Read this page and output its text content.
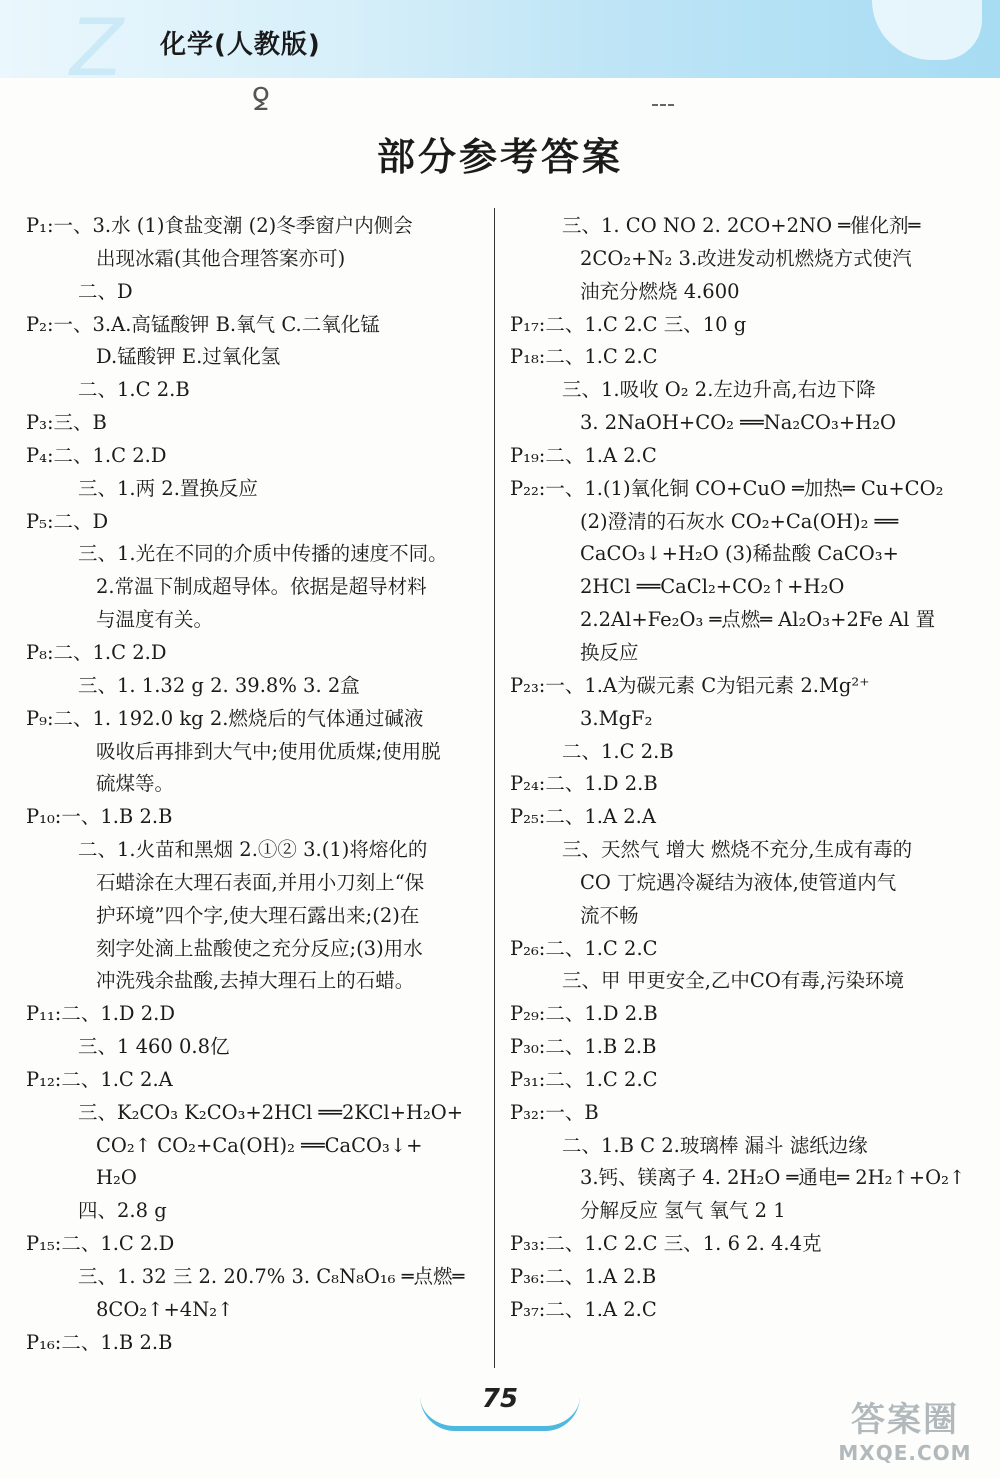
Z 化学(人教版)
ꝿ
部分参考答案
P₁:一、3.水 (1)食盐变潮 (2)冬季窗户内侧会
出现冰霜(其他合理答案亦可)
二、D
P₂:一、3.A.高锰酸钾 B.氧气 C.二氧化锰
D.锰酸钾 E.过氧化氢
二、1.C 2.B
P₃:三、B
P₄:二、1.C 2.D
三、1.两 2.置换反应
P₅:二、D
三、1.光在不同的介质中传播的速度不同。
2.常温下制成超导体。依据是超导材料
与温度有关。
P₈:二、1.C 2.D
三、1. 1.32 g 2. 39.8% 3. 2盒
P₉:二、1. 192.0 kg 2.燃烧后的气体通过碱液
吸收后再排到大气中;使用优质煤;使用脱
硫煤等。
P₁₀:一、1.B 2.B
二、1.火苗和黑烟 2.①② 3.(1)将熔化的
石蜡涂在大理石表面,并用小刀刻上“保
护环境”四个字,使大理石露出来;(2)在
刻字处滴上盐酸使之充分反应;(3)用水
冲洗残余盐酸,去掉大理石上的石蜡。
P₁₁:二、1.D 2.D
三、1 460 0.8亿
P₁₂:二、1.C 2.A
三、K₂CO₃ K₂CO₃+2HCl ══2KCl+H₂O+
CO₂↑ CO₂+Ca(OH)₂ ══CaCO₃↓+
H₂O
四、2.8 g
P₁₅:二、1.C 2.D
三、1. 32 三 2. 20.7% 3. C₈N₈O₁₆ ═点燃═
8CO₂↑+4N₂↑
P₁₆:二、1.B 2.B
三、1. CO NO 2. 2CO+2NO ═催化剂═
2CO₂+N₂ 3.改进发动机燃烧方式使汽
油充分燃烧 4.600
P₁₇:二、1.C 2.C 三、10 g
P₁₈:二、1.C 2.C
三、1.吸收 O₂ 2.左边升高,右边下降
3. 2NaOH+CO₂ ══Na₂CO₃+H₂O
P₁₉:二、1.A 2.C
P₂₂:一、1.(1)氧化铜 CO+CuO ═加热═ Cu+CO₂
(2)澄清的石灰水 CO₂+Ca(OH)₂ ══
CaCO₃↓+H₂O (3)稀盐酸 CaCO₃+
2HCl ══CaCl₂+CO₂↑+H₂O
2.2Al+Fe₂O₃ ═点燃═ Al₂O₃+2Fe Al 置
换反应
P₂₃:一、1.A为碳元素 C为铝元素 2.Mg²⁺
3.MgF₂
二、1.C 2.B
P₂₄:二、1.D 2.B
P₂₅:二、1.A 2.A
三、天然气 增大 燃烧不充分,生成有毒的
CO 丁烷遇冷凝结为液体,使管道内气
流不畅
P₂₆:二、1.C 2.C
三、甲 甲更安全,乙中CO有毒,污染环境
P₂₉:二、1.D 2.B
P₃₀:二、1.B 2.B
P₃₁:二、1.C 2.C
P₃₂:一、B
二、1.B C 2.玻璃棒 漏斗 滤纸边缘
3.钙、镁离子 4. 2H₂O ═通电═ 2H₂↑+O₂↑
分解反应 氢气 氧气 2 1
P₃₃:二、1.C 2.C 三、1. 6 2. 4.4克
P₃₆:二、1.A 2.B
P₃₇:二、1.A 2.C
75
答案圈
MXQE.COM
